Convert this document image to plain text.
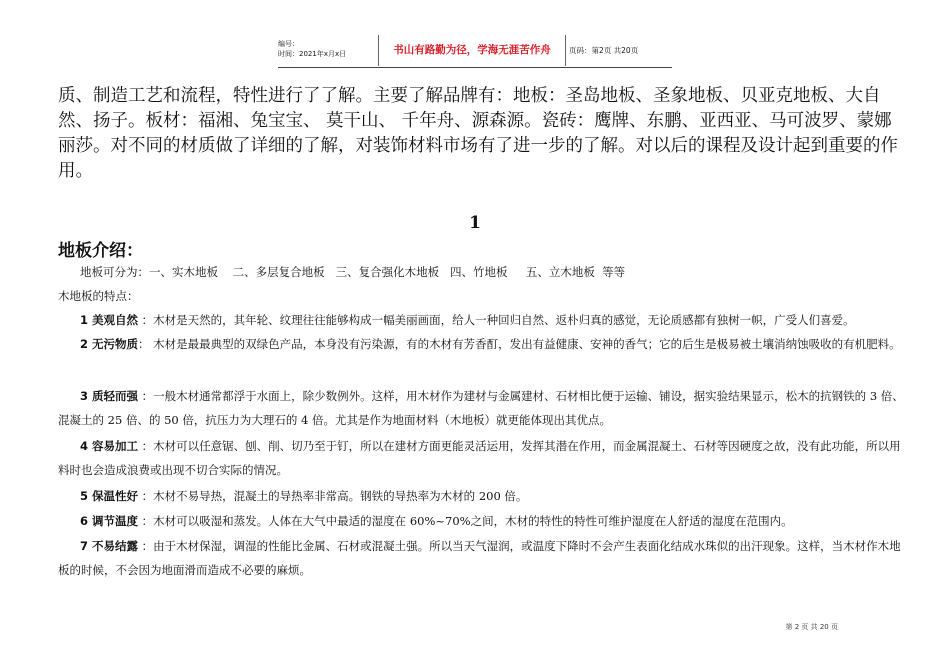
编号：
时间：2021年x月x日	书山有路勤为径，学海无涯苦作舟	页码：第2页 共20页

质、制造工艺和流程，特性进行了了解。主要了解品牌有：地板：圣岛地板、圣象地板、贝亚克地板、大自然、扬子。板材：福湘、兔宝宝、 莫干山、 千年舟、源森源。瓷砖：鹰牌、东鹏、亚西亚、马可波罗、蒙娜丽莎。对不同的材质做了详细的了解，对装饰材料市场有了进一步的了解。对以后的课程及设计起到重要的作用。

1

地板介绍：

地板可分为：一、实木地板    二、多层复合地板   三、复合强化木地板   四、竹地板     五、立木地板  等等

木地板的特点：

1 美观自然 ：木材是天然的，其年轮、纹理往往能够构成一幅美丽画面，给人一种回归自然、返朴归真的感觉，无论质感都有独树一帜，广受人们喜爱。

2 无污物质： 木材是最最典型的双绿色产品，本身没有污染源，有的木材有芳香酊，发出有益健康、安神的香气；它的后生是极易被土壤消纳蚀吸收的有机肥料。

3 质轻而强 ：一般木材通常都浮于水面上，除少数例外。这样，用木材作为建材与金属建材、石材相比便于运输、铺设，据实验结果显示，松木的抗钢铁的 3 倍、混凝土的 25 倍、的 50 倍，抗压力为大理石的 4 倍。尤其是作为地面材料（木地板）就更能体现出其优点。

4 容易加工 ：木材可以任意锯、刨、削、切乃至于钉，所以在建材方面更能灵活运用，发挥其潜在作用，而金属混凝土、石材等因硬度之故，没有此功能，所以用料时也会造成浪费或出现不切合实际的情况。

5 保温性好 ：木材不易导热，混凝土的导热率非常高。钢铁的导热率为木材的 200 倍。

6 调节温度 ：木材可以吸湿和蒸发。人体在大气中最适的湿度在 60%~70%之间，木材的特性的特性可维护湿度在人舒适的湿度在范围内。

7 不易结露 ：由于木材保湿，调湿的性能比金属、石材或混凝土强。所以当天气湿润，或温度下降时不会产生表面化结成水珠似的出汗现象。这样，当木材作木地板的时候，不会因为地面滑而造成不必要的麻烦。

第 2 页 共 20 页
